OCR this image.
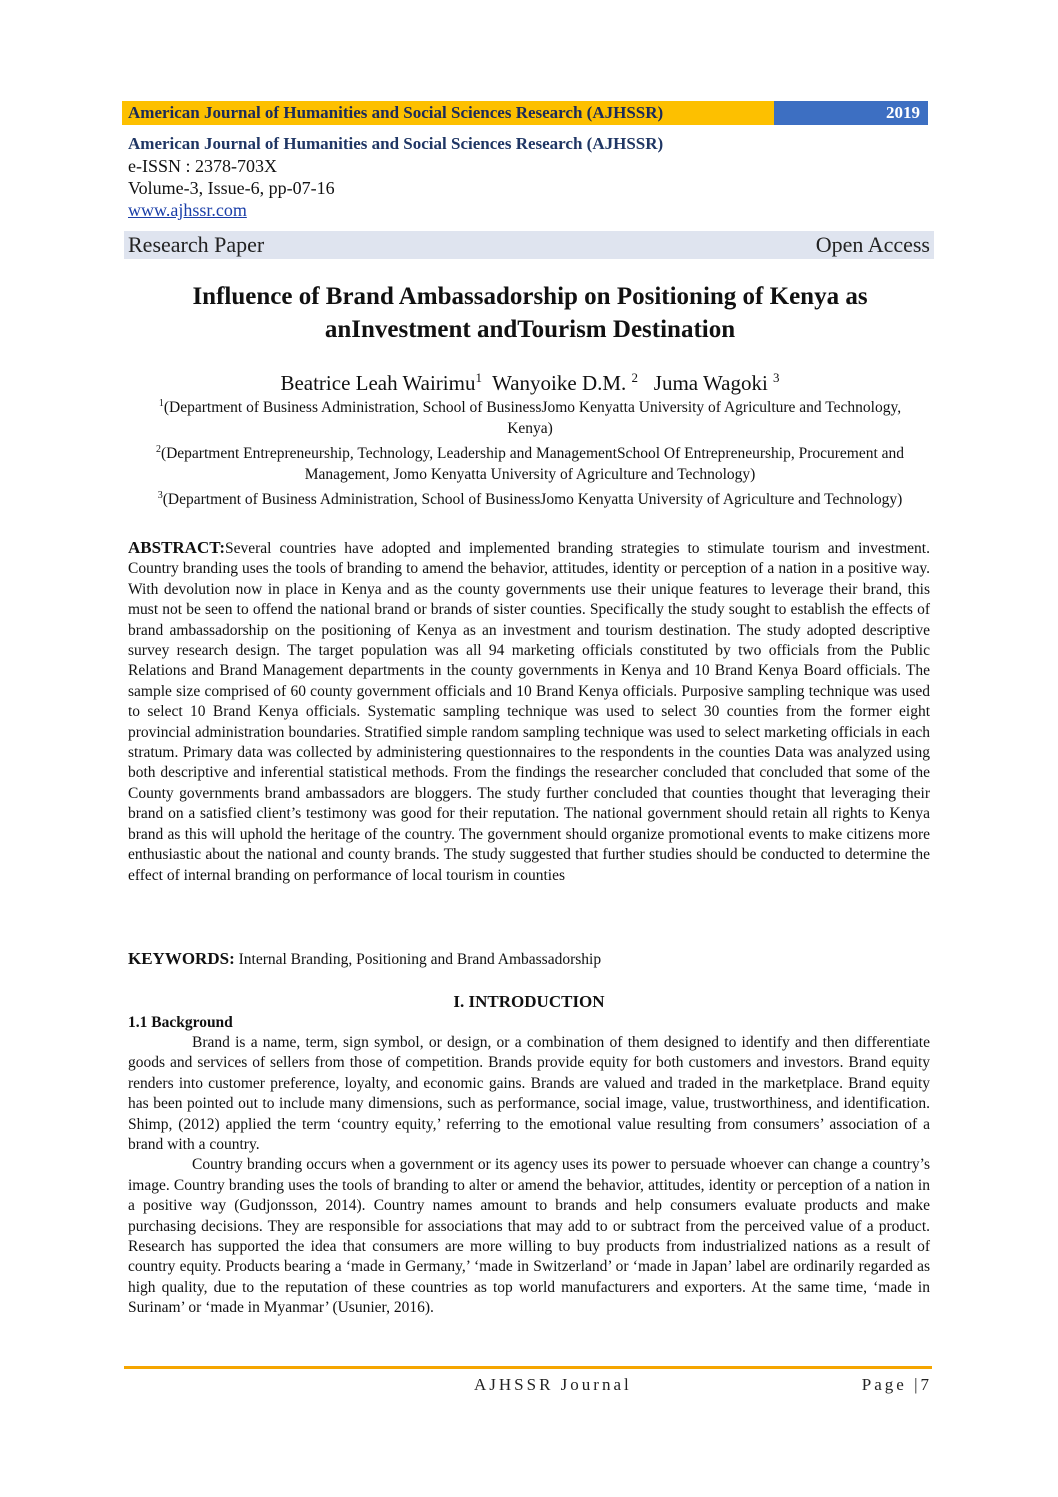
American Journal of Humanities and Social Sciences Research (AJHSSR)	2019
American Journal of Humanities and Social Sciences Research (AJHSSR)
e-ISSN : 2378-703X
Volume-3, Issue-6, pp-07-16
www.ajhssr.com
Research Paper	Open Access
Influence of Brand Ambassadorship on Positioning of Kenya as
anInvestment andTourism Destination
Beatrice Leah Wairimu$^1$ Wanyoike D.M. $^2$ Juma Wagoki $^3$
$^1$(Department of Business Administration, School of BusinessJomo Kenyatta University of Agriculture and Technology, Kenya)
$^2$(Department Entrepreneurship, Technology, Leadership and ManagementSchool Of Entrepreneurship, Procurement and Management, Jomo Kenyatta University of Agriculture and Technology)
$^3$(Department of Business Administration, School of BusinessJomo Kenyatta University of Agriculture and Technology)
ABSTRACT:Several countries have adopted and implemented branding strategies to stimulate tourism and investment. Country branding uses the tools of branding to amend the behavior, attitudes, identity or perception of a nation in a positive way. With devolution now in place in Kenya and as the county governments use their unique features to leverage their brand, this must not be seen to offend the national brand or brands of sister counties. Specifically the study sought to establish the effects of brand ambassadorship on the positioning of Kenya as an investment and tourism destination. The study adopted descriptive survey research design. The target population was all 94 marketing officials constituted by two officials from the Public Relations and Brand Management departments in the county governments in Kenya and 10 Brand Kenya Board officials. The sample size comprised of 60 county government officials and 10 Brand Kenya officials. Purposive sampling technique was used to select 10 Brand Kenya officials. Systematic sampling technique was used to select 30 counties from the former eight provincial administration boundaries. Stratified simple random sampling technique was used to select marketing officials in each stratum. Primary data was collected by administering questionnaires to the respondents in the counties Data was analyzed using both descriptive and inferential statistical methods. From the findings the researcher concluded that concluded that some of the County governments brand ambassadors are bloggers. The study further concluded that counties thought that leveraging their brand on a satisfied client’s testimony was good for their reputation. The national government should retain all rights to Kenya brand as this will uphold the heritage of the country. The government should organize promotional events to make citizens more enthusiastic about the national and county brands. The study suggested that further studies should be conducted to determine the effect of internal branding on performance of local tourism in counties
KEYWORDS: Internal Branding, Positioning and Brand Ambassadorship
I. INTRODUCTION
1.1 Background

Brand is a name, term, sign symbol, or design, or a combination of them designed to identify and then differentiate goods and services of sellers from those of competition. Brands provide equity for both customers and investors. Brand equity renders into customer preference, loyalty, and economic gains. Brands are valued and traded in the marketplace. Brand equity has been pointed out to include many dimensions, such as performance, social image, value, trustworthiness, and identification. Shimp, (2012) applied the term ‘country equity,’ referring to the emotional value resulting from consumers’ association of a brand with a country.

Country branding occurs when a government or its agency uses its power to persuade whoever can change a country’s image. Country branding uses the tools of branding to alter or amend the behavior, attitudes, identity or perception of a nation in a positive way (Gudjonsson, 2014). Country names amount to brands and help consumers evaluate products and make purchasing decisions. They are responsible for associations that may add to or subtract from the perceived value of a product. Research has supported the idea that consumers are more willing to buy products from industrialized nations as a result of country equity. Products bearing a ‘made in Germany,’ ‘made in Switzerland’ or ‘made in Japan’ label are ordinarily regarded as high quality, due to the reputation of these countries as top world manufacturers and exporters. At the same time, ‘made in Surinam’ or ‘made in Myanmar’ (Usunier, 2016).

AJHSSR Journal	Page |7
